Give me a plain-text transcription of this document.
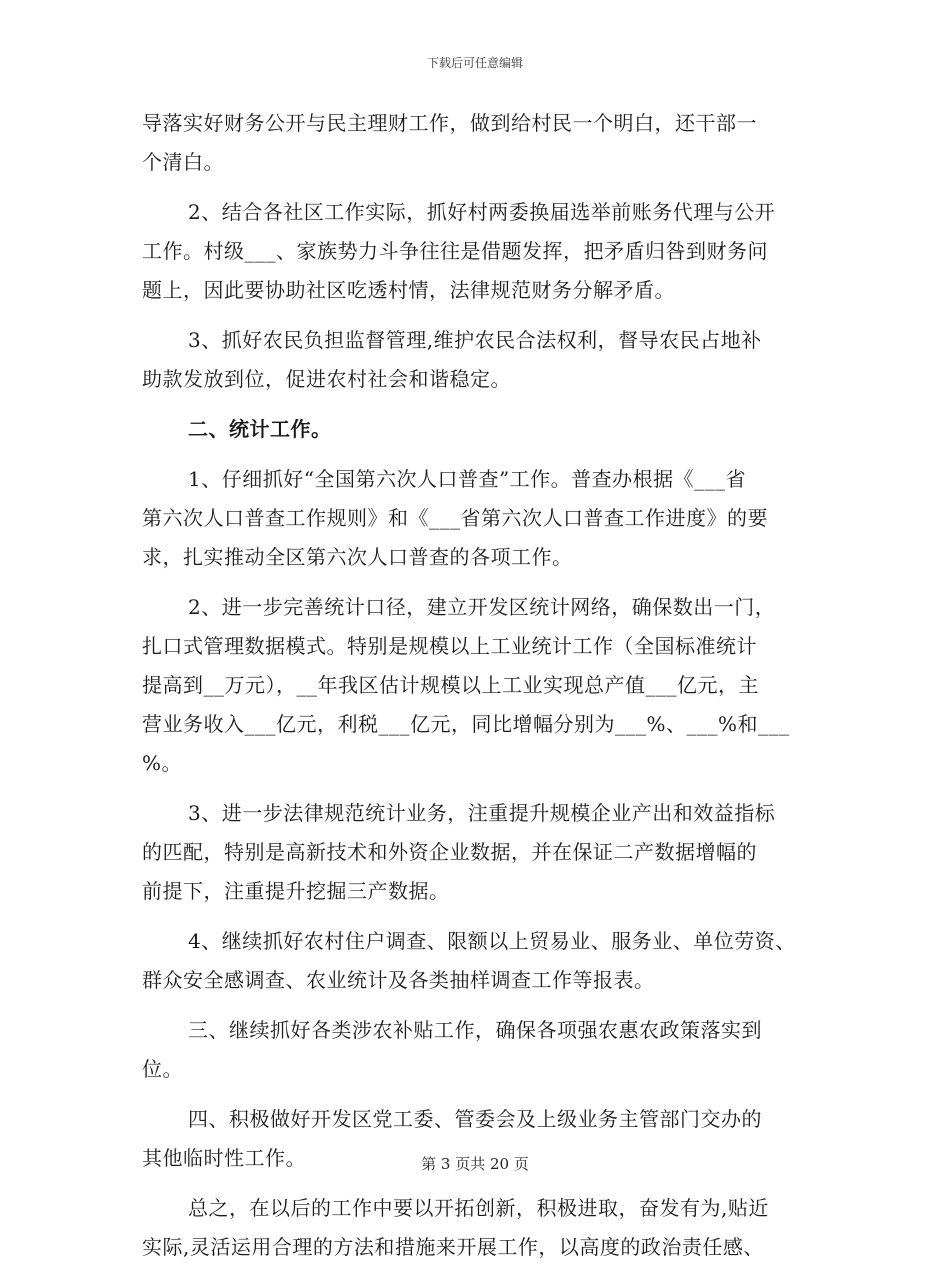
下载后可任意编辑
导落实好财务公开与民主理财工作，做到给村民一个明白，还干部一
个清白。
2、结合各社区工作实际，抓好村两委换届选举前账务代理与公开
工作。村级___、家族势力斗争往往是借题发挥，把矛盾归咎到财务问
题上，因此要协助社区吃透村情，法律规范财务分解矛盾。
3、抓好农民负担监督管理,维护农民合法权利，督导农民占地补
助款发放到位，促进农村社会和谐稳定。
二、统计工作。
1、仔细抓好“全国第六次人口普查”工作。普查办根据《___省
第六次人口普查工作规则》和《___省第六次人口普查工作进度》的要
求，扎实推动全区第六次人口普查的各项工作。
2、进一步完善统计口径，建立开发区统计网络，确保数出一门，
扎口式管理数据模式。特别是规模以上工业统计工作（全国标准统计
提高到__万元），__年我区估计规模以上工业实现总产值___亿元，主
营业务收入___亿元，利税___亿元，同比增幅分别为___%、___%和___
%。
3、进一步法律规范统计业务，注重提升规模企业产出和效益指标
的匹配，特别是高新技术和外资企业数据，并在保证二产数据增幅的
前提下，注重提升挖掘三产数据。
4、继续抓好农村住户调查、限额以上贸易业、服务业、单位劳资、
群众安全感调查、农业统计及各类抽样调查工作等报表。
三、继续抓好各类涉农补贴工作，确保各项强农惠农政策落实到
位。
四、积极做好开发区党工委、管委会及上级业务主管部门交办的
其他临时性工作。
总之，在以后的工作中要以开拓创新，积极进取，奋发有为,贴近
实际,灵活运用合理的方法和措施来开展工作，以高度的政治责任感、
第 3 页共 20 页
